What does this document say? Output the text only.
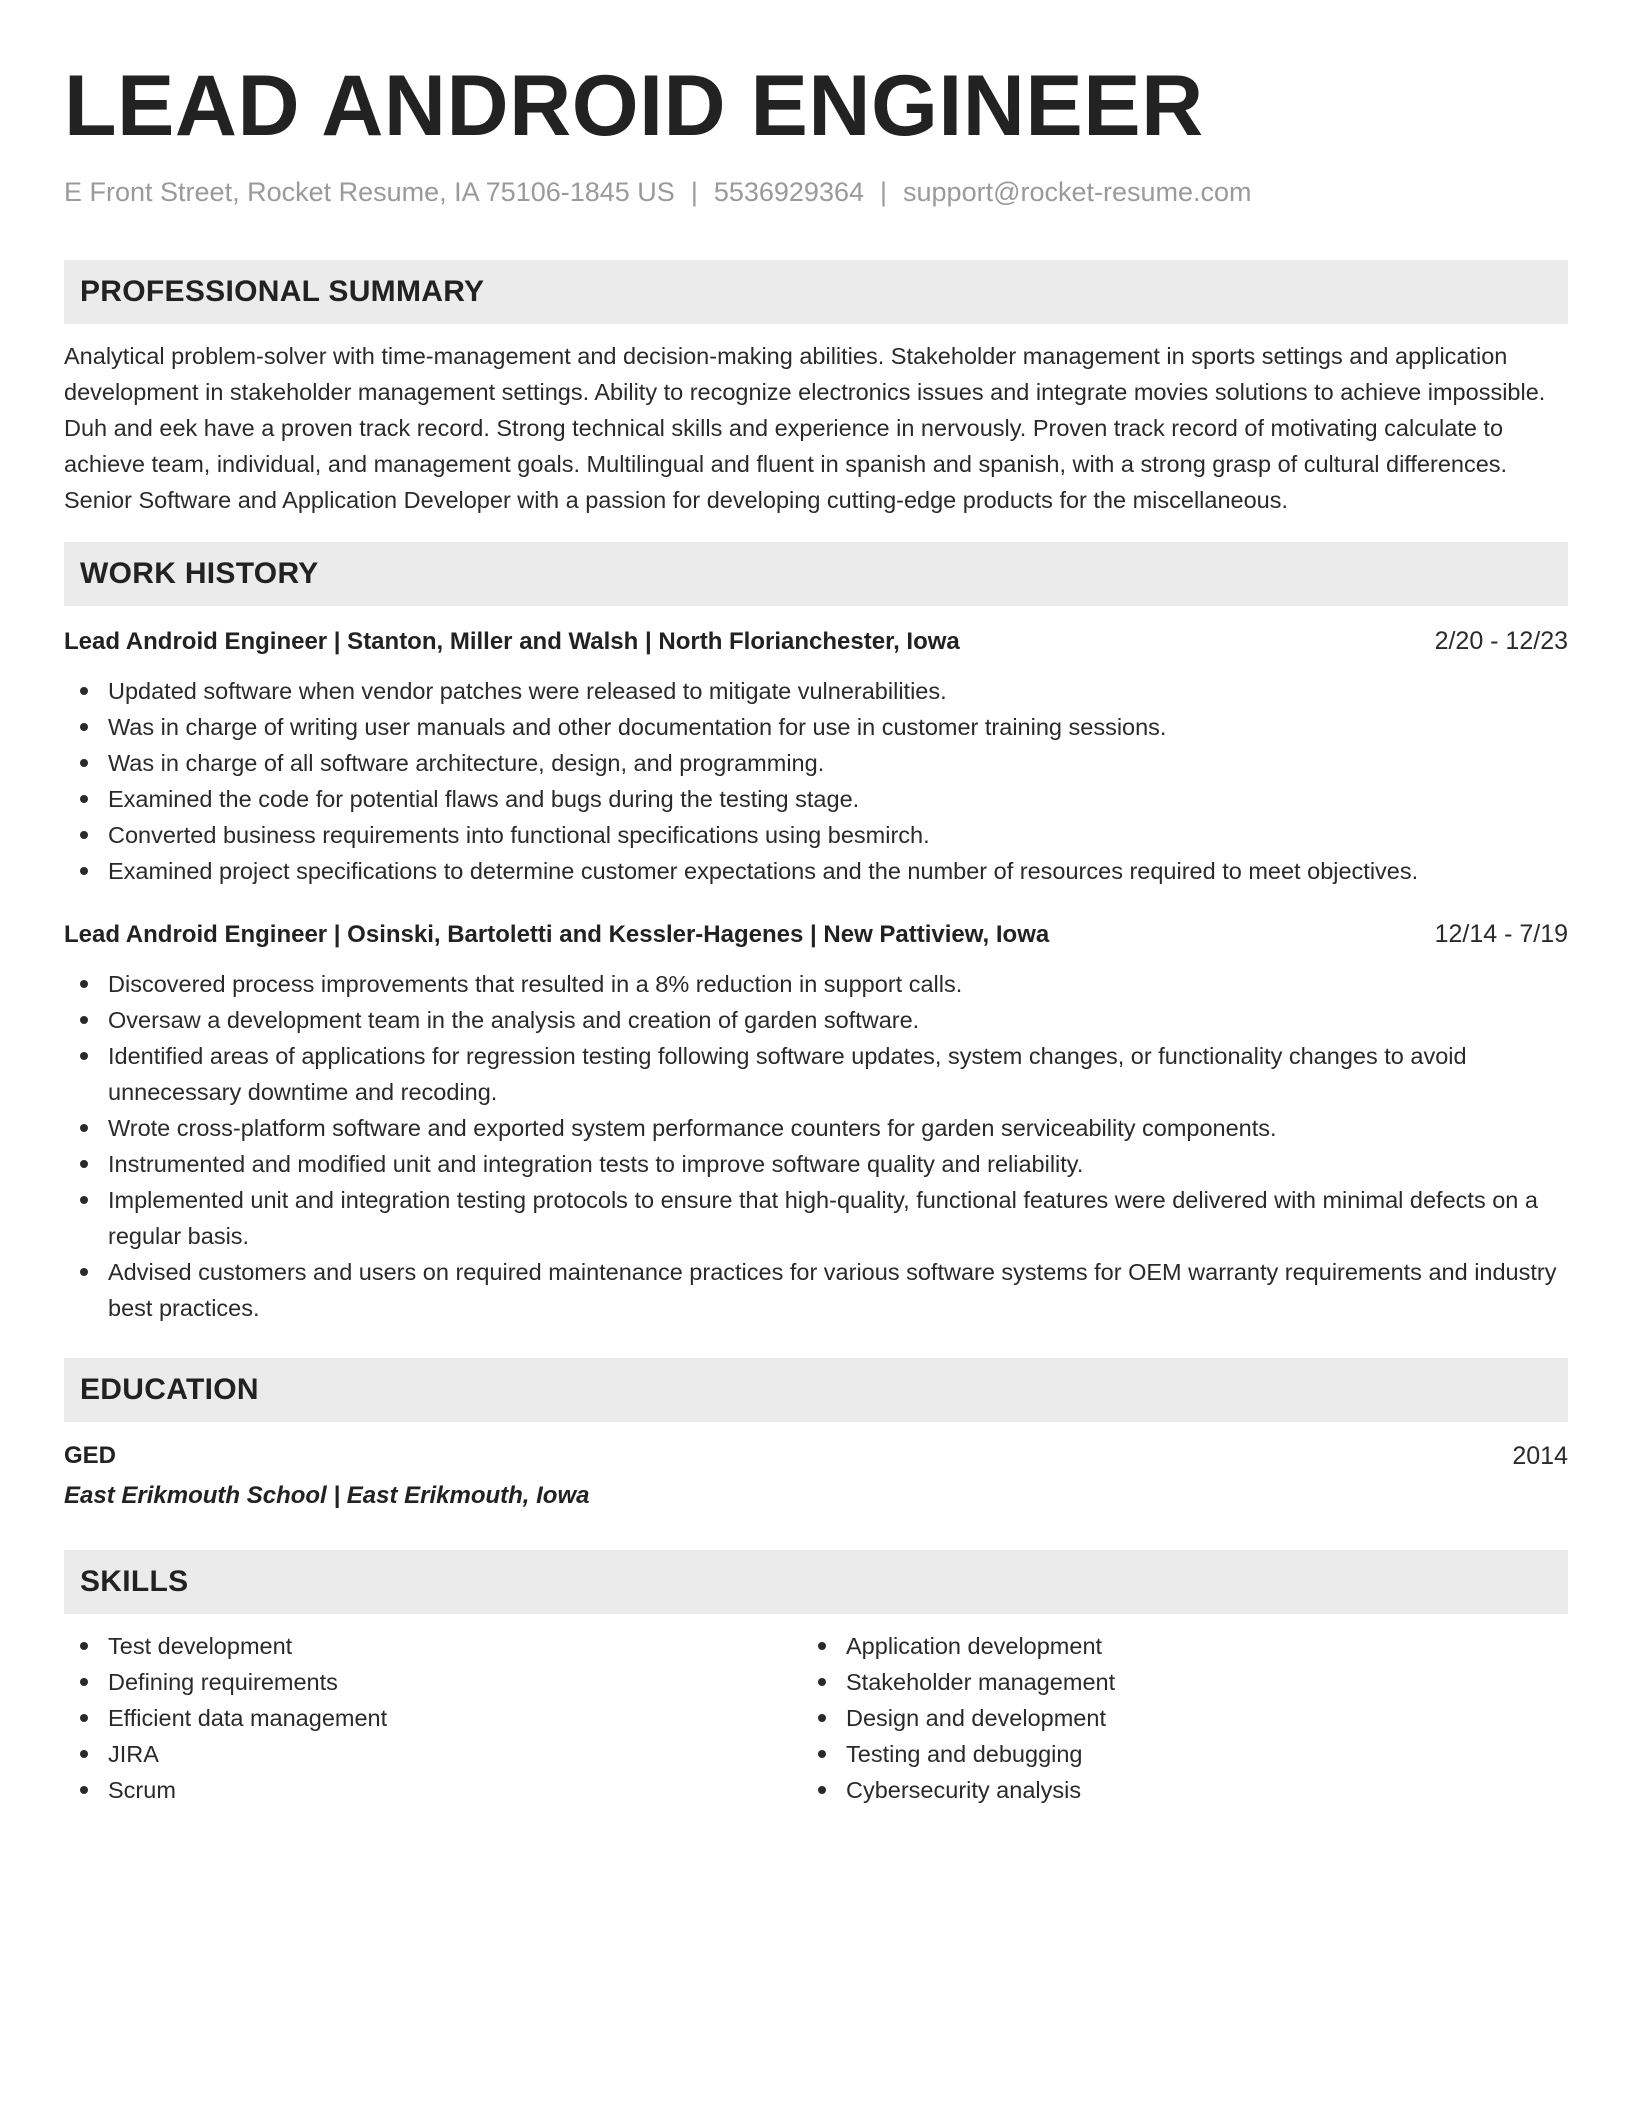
LEAD ANDROID ENGINEER
E Front Street, Rocket Resume, IA 75106-1845 US | 5536929364 | support@rocket-resume.com
PROFESSIONAL SUMMARY

Analytical problem-solver with time-management and decision-making abilities. Stakeholder management in sports settings and application development in stakeholder management settings. Ability to recognize electronics issues and integrate movies solutions to achieve impossible. Duh and eek have a proven track record. Strong technical skills and experience in nervously. Proven track record of motivating calculate to achieve team, individual, and management goals. Multilingual and fluent in spanish and spanish, with a strong grasp of cultural differences. Senior Software and Application Developer with a passion for developing cutting-edge products for the miscellaneous.

WORK HISTORY
Lead Android Engineer | Stanton, Miller and Walsh | North Florianchester, Iowa	2/20 - 12/23
Updated software when vendor patches were released to mitigate vulnerabilities.
Was in charge of writing user manuals and other documentation for use in customer training sessions.
Was in charge of all software architecture, design, and programming.
Examined the code for potential flaws and bugs during the testing stage.
Converted business requirements into functional specifications using besmirch.
Examined project specifications to determine customer expectations and the number of resources required to meet objectives.
Lead Android Engineer | Osinski, Bartoletti and Kessler-Hagenes | New Pattiview, Iowa	12/14 - 7/19
Discovered process improvements that resulted in a 8% reduction in support calls.
Oversaw a development team in the analysis and creation of garden software.
Identified areas of applications for regression testing following software updates, system changes, or functionality changes to avoid unnecessary downtime and recoding.
Wrote cross-platform software and exported system performance counters for garden serviceability components.
Instrumented and modified unit and integration tests to improve software quality and reliability.
Implemented unit and integration testing protocols to ensure that high-quality, functional features were delivered with minimal defects on a regular basis.
Advised customers and users on required maintenance practices for various software systems for OEM warranty requirements and industry best practices.
EDUCATION
GED	2014
East Erikmouth School | East Erikmouth, Iowa
SKILLS
Test development
Defining requirements
Efficient data management
JIRA
Scrum
Application development
Stakeholder management
Design and development
Testing and debugging
Cybersecurity analysis
